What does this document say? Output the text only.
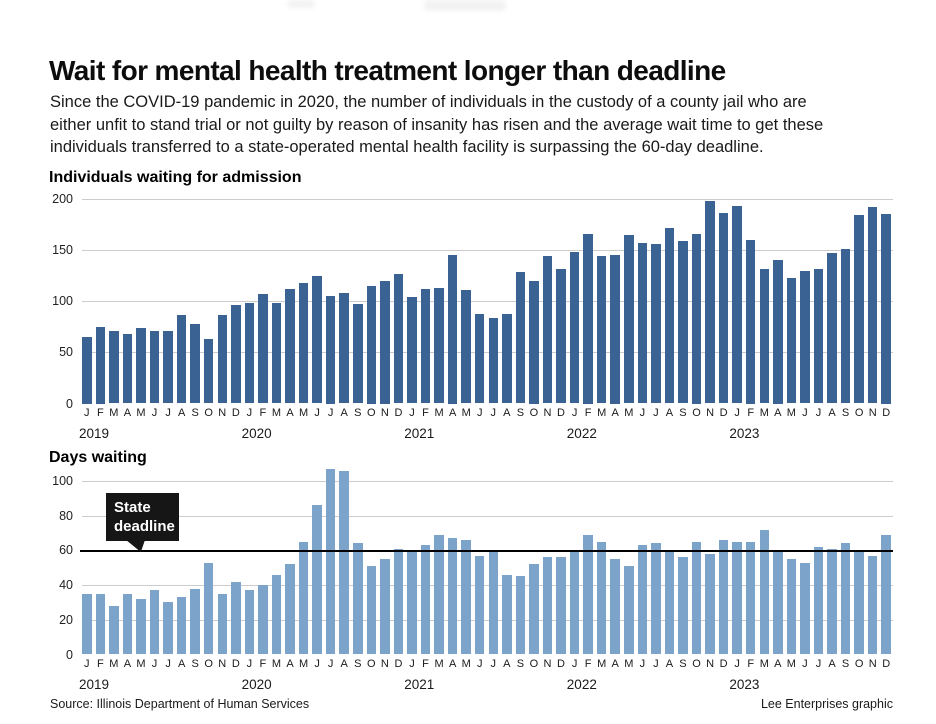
Wait for mental health treatment longer than deadline
Since the COVID-19 pandemic in 2020, the number of individuals in the custody of a county jail who are
either unfit to stand trial or not guilty by reason of insanity has risen and the average wait time to get these
individuals transferred to a state-operated mental health facility is surpassing the 60-day deadline.
Individuals waiting for admission
0
50
100
150
200
J F M A M J J A S O N D
2019
J F M A M J J A S O N D
2020
J F M A M J J A S O N D
2021
J F M A M J J A S O N D
2022
J F M A M J J A S O N D
2023
Days waiting
0
20
40
60
80
100
J F M A M J J A S O N D
2019
J F M A M J J A S O N D
2020
J F M A M J J A S O N D
2021
J F M A M J J A S O N D
2022
J F M A M J J A S O N D
2023
State deadline
Source: Illinois Department of Human Services	Lee Enterprises graphic
